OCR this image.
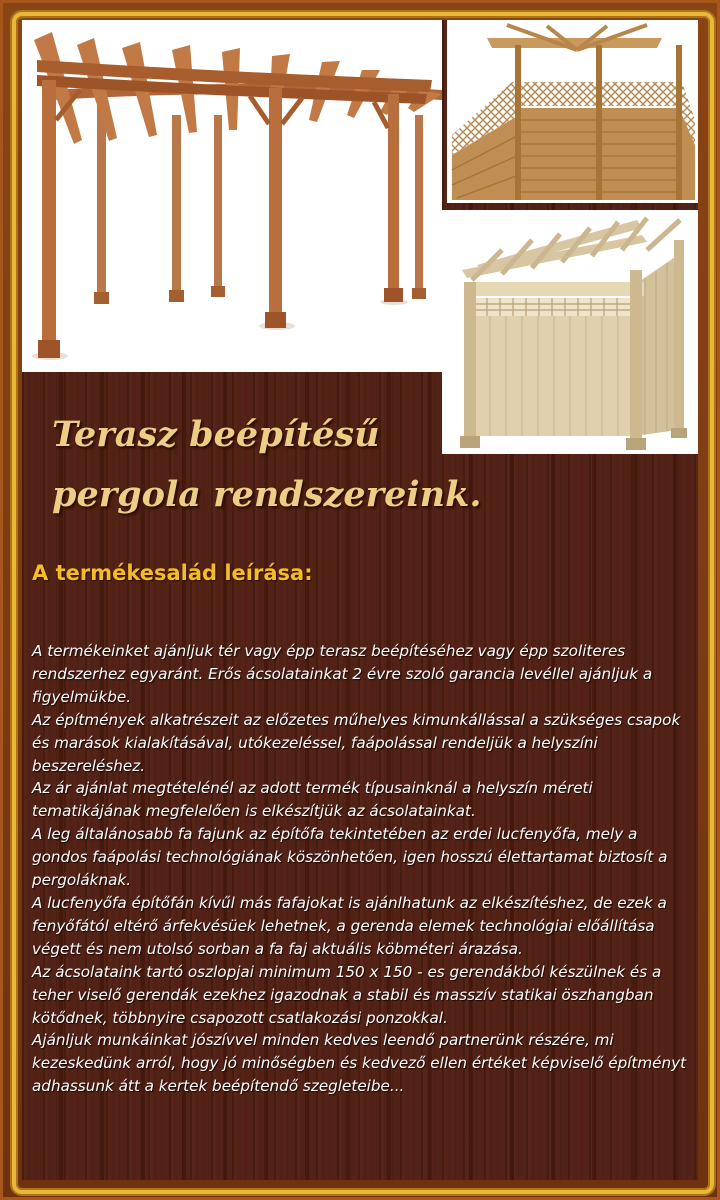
Terasz beépítésű
pergola rendszereink.
A termékesalád leírása:

A termékeinket ajánljuk tér vagy épp terasz beépítéséhez vagy épp szoliteres rendszerhez egyaránt. Erős ácsolatainkat 2 évre szoló garancia levéllel ajánljuk a figyelmükbe.

Az építmények alkatrészeit az előzetes műhelyes kimunkállással a szükséges csapok és marások kialakításával, utókezeléssel, faápolással rendeljük a helyszíni beszereléshez.

Az ár ajánlat megtételénél az adott termék típusainknál a helyszín méreti tematikájának megfelelően is elkészítjük az ácsolatainkat.

A leg általánosabb fa fajunk az építőfa tekintetében az erdei lucfenyőfa, mely a gondos faápolási technológiának köszönhetően, igen hosszú élettartamat biztosít a pergoláknak.

A lucfenyőfa építőfán kívűl más fafajokat is ajánlhatunk az elkészítéshez, de ezek a fenyőfától eltérő árfekvésüek lehetnek, a gerenda elemek technológiai előállítása végett és nem utolsó sorban a fa faj aktuális köbméteri árazása.

Az ácsolataink tartó oszlopjai minimum 150 x 150 - es gerendákból készülnek és a teher viselő gerendák ezekhez igazodnak a stabil és masszív statikai öszhangban kötődnek, többnyire csapozott csatlakozási ponzokkal.

Ajánljuk munkáinkat jószívvel minden kedves leendő partnerünk részére, mi kezeskedünk arról, hogy jó minőségben és kedvező ellen értéket képviselő építményt adhassunk átt a kertek beépítendő szegleteibe...
